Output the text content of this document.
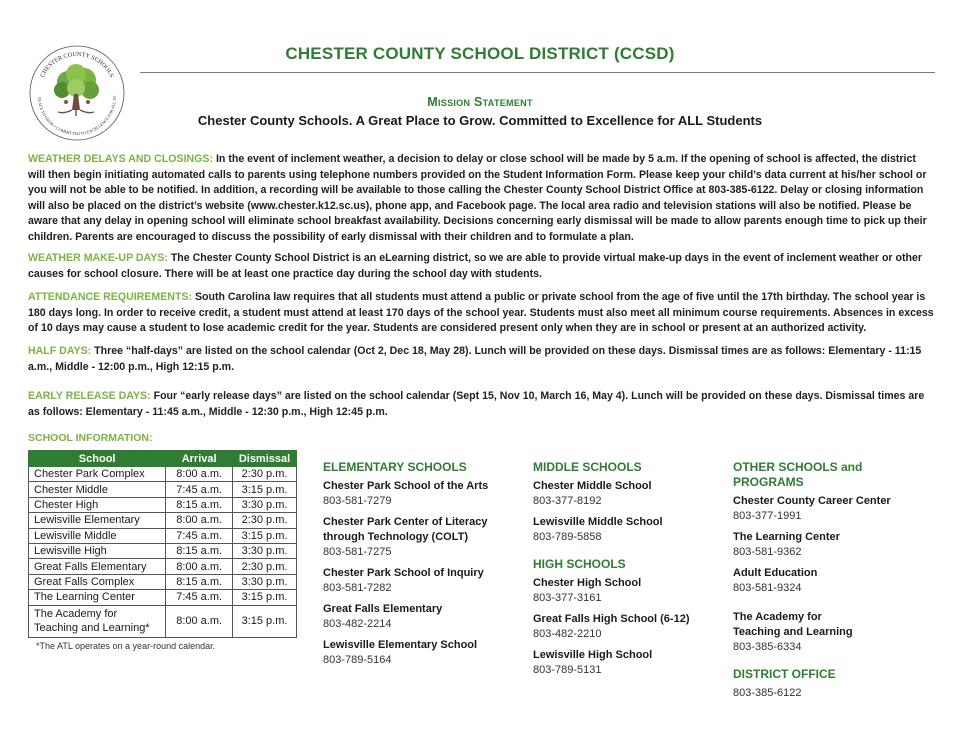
CHESTER COUNTY SCHOOLS
PLACE TO GROW • COMMITTED TO EXCELLENCE FOR ALL ST
CHESTER COUNTY SCHOOL DISTRICT (CCSD)
Mission Statement
Chester County Schools. A Great Place to Grow. Committed to Excellence for ALL Students
WEATHER DELAYS AND CLOSINGS: In the event of inclement weather, a decision to delay or close school will be made by 5 a.m. If the opening of school is affected, the district will then begin initiating automated calls to parents using telephone numbers provided on the Student Information Form. Please keep your child’s data current at his/her school or you will not be able to be notified. In addition, a recording will be available to those calling the Chester County School District Office at 803-385-6122. Delay or closing information will also be placed on the district’s website (www.chester.k12.sc.us), phone app, and Facebook page. The local area radio and television stations will also be notified. Please be aware that any delay in opening school will eliminate school breakfast availability. Decisions concerning early dismissal will be made to allow parents enough time to pick up their children. Parents are encouraged to discuss the possibility of early dismissal with their children and to formulate a plan.
WEATHER MAKE-UP DAYS: The Chester County School District is an eLearning district, so we are able to provide virtual make-up days in the event of inclement weather or other causes for school closure. There will be at least one practice day during the school day with students.
ATTENDANCE REQUIREMENTS: South Carolina law requires that all students must attend a public or private school from the age of five until the 17th birthday. The school year is 180 days long. In order to receive credit, a student must attend at least 170 days of the school year. Students must also meet all minimum course requirements. Absences in excess of 10 days may cause a student to lose academic credit for the year. Students are considered present only when they are in school or present at an authorized activity.
HALF DAYS: Three “half-days” are listed on the school calendar (Oct 2, Dec 18, May 28). Lunch will be provided on these days. Dismissal times are as follows: Elementary - 11:15 a.m., Middle - 12:00 p.m., High 12:15 p.m.
EARLY RELEASE DAYS: Four “early release days” are listed on the school calendar (Sept 15, Nov 10, March 16, May 4). Lunch will be provided on these days. Dismissal times are as follows: Elementary - 11:45 a.m., Middle - 12:30 p.m., High 12:45 p.m.
SCHOOL INFORMATION:
School	Arrival	Dismissal
Chester Park Complex	8:00 a.m.	2:30 p.m.
Chester Middle	7:45 a.m.	3:15 p.m.
Chester High	8:15 a.m.	3:30 p.m.
Lewisville Elementary	8:00 a.m.	2:30 p.m.
Lewisville Middle	7:45 a.m.	3:15 p.m.
Lewisville High	8:15 a.m.	3:30 p.m.
Great Falls Elementary	8:00 a.m.	2:30 p.m.
Great Falls Complex	8:15 a.m.	3:30 p.m.
The Learning Center	7:45 a.m.	3:15 p.m.
The Academy for
Teaching and Learning*	8:00 a.m.	3:15 p.m.
*The ATL operates on a year-round calendar.
ELEMENTARY SCHOOLS
Chester Park School of the Arts
803-581-7279
Chester Park Center of Literacy through Technology (COLT)
803-581-7275
Chester Park School of Inquiry
803-581-7282
Great Falls Elementary
803-482-2214
Lewisville Elementary School
803-789-5164
MIDDLE SCHOOLS
Chester Middle School
803-377-8192
Lewisville Middle School
803-789-5858
HIGH SCHOOLS
Chester High School
803-377-3161
Great Falls High School (6-12)
803-482-2210
Lewisville High School
803-789-5131
OTHER SCHOOLS and PROGRAMS
Chester County Career Center
803-377-1991
The Learning Center
803-581-9362
Adult Education
803-581-9324
The Academy for Teaching and Learning
803-385-6334
DISTRICT OFFICE
803-385-6122
